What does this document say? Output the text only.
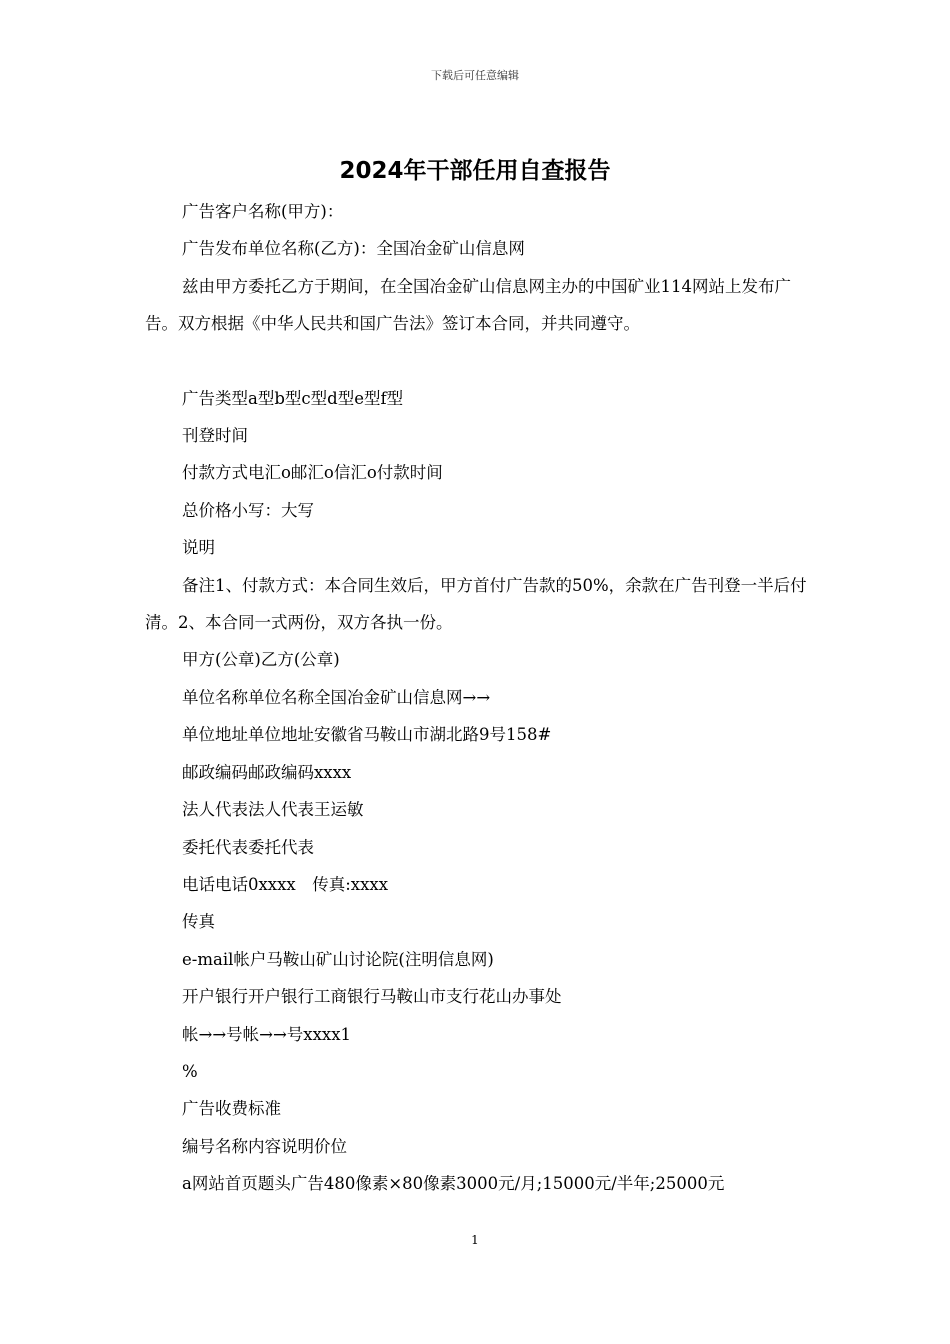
下载后可任意编辑
2024年干部任用自查报告

广告客户名称(甲方)：

广告发布单位名称(乙方)：全国冶金矿山信息网

兹由甲方委托乙方于期间，在全国冶金矿山信息网主办的中国矿业114网站上发布广告。双方根据《中华人民共和国广告法》签订本合同，并共同遵守。

广告类型a型b型c型d型e型f型

刊登时间

付款方式电汇o邮汇o信汇o付款时间

总价格小写：大写

说明

备注1、付款方式：本合同生效后，甲方首付广告款的50%，余款在广告刊登一半后付清。2、本合同一式两份，双方各执一份。

甲方(公章)乙方(公章)

单位名称单位名称全国冶金矿山信息网→→

单位地址单位地址安徽省马鞍山市湖北路9号158#

邮政编码邮政编码xxxx

法人代表法人代表王运敏

委托代表委托代表

电话电话0xxxx　传真:xxxx

传真

e-mail帐户马鞍山矿山讨论院(注明信息网)

开户银行开户银行工商银行马鞍山市支行花山办事处

帐→→号帐→→号xxxx1

%

广告收费标准

编号名称内容说明价位

a网站首页题头广告480像素×80像素3000元/月;15000元/半年;25000元

1
